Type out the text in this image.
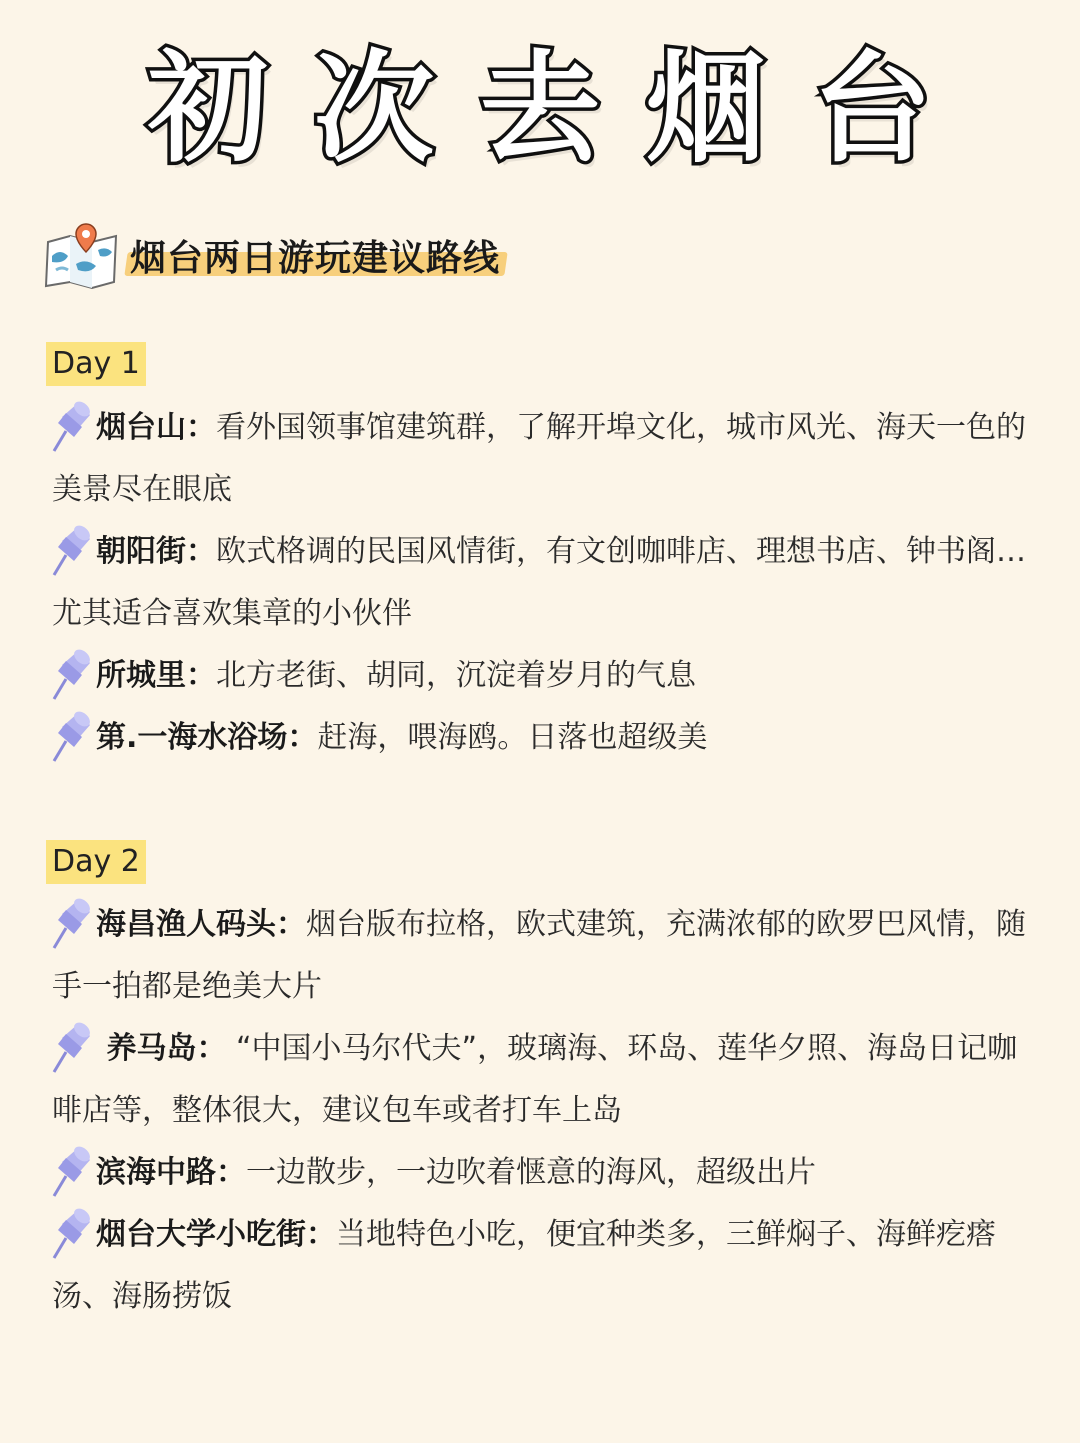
初 次 去 烟 台
烟台两日游玩建议路线
Day 1
烟台山：看外国领事馆建筑群，了解开埠文化，城市风光、海天一色的美景尽在眼底
朝阳街：欧式格调的民国风情街，有文创咖啡店、理想书店、钟书阁…尤其适合喜欢集章的小伙伴
所城里：北方老街、胡同，沉淀着岁月的气息
第.一海水浴场：赶海，喂海鸥。日落也超级美
Day 2
海昌渔人码头：烟台版布拉格，欧式建筑，充满浓郁的欧罗巴风情，随手一拍都是绝美大片
养马岛： “中国小马尔代夫”，玻璃海、环岛、莲华夕照、海岛日记咖啡店等，整体很大，建议包车或者打车上岛
滨海中路：一边散步，一边吹着惬意的海风，超级出片
烟台大学小吃街：当地特色小吃，便宜种类多，三鲜焖子、海鲜疙瘩汤、海肠捞饭
